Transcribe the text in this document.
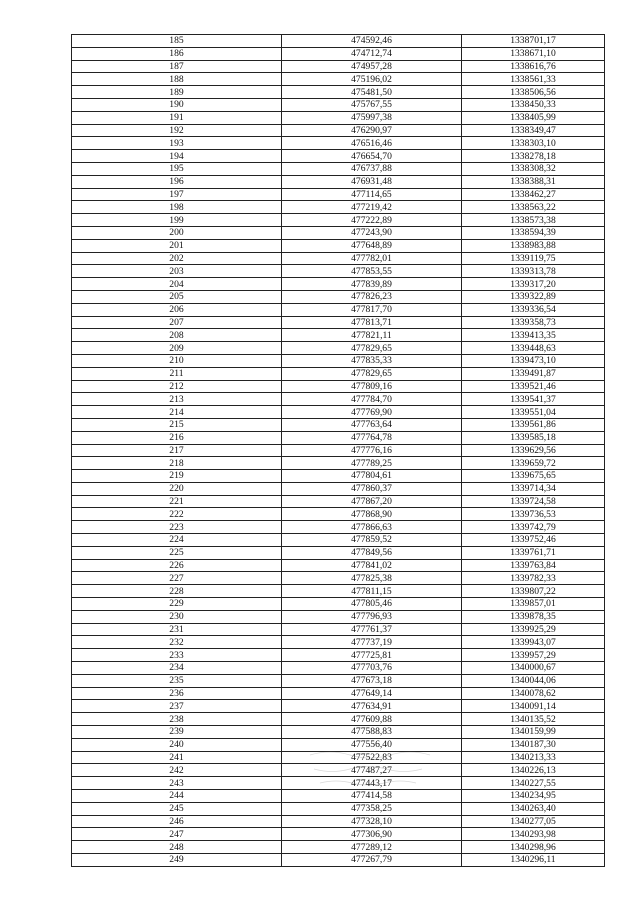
185	474592,46	1338701,17
186	474712,74	1338671,10
187	474957,28	1338616,76
188	475196,02	1338561,33
189	475481,50	1338506,56
190	475767,55	1338450,33
191	475997,38	1338405,99
192	476290,97	1338349,47
193	476516,46	1338303,10
194	476654,70	1338278,18
195	476737,88	1338308,32
196	476931,48	1338388,31
197	477114,65	1338462,27
198	477219,42	1338563,22
199	477222,89	1338573,38
200	477243,90	1338594,39
201	477648,89	1338983,88
202	477782,01	1339119,75
203	477853,55	1339313,78
204	477839,89	1339317,20
205	477826,23	1339322,89
206	477817,70	1339336,54
207	477813,71	1339358,73
208	477821,11	1339413,35
209	477829,65	1339448,63
210	477835,33	1339473,10
211	477829,65	1339491,87
212	477809,16	1339521,46
213	477784,70	1339541,37
214	477769,90	1339551,04
215	477763,64	1339561,86
216	477764,78	1339585,18
217	477776,16	1339629,56
218	477789,25	1339659,72
219	477804,61	1339675,65
220	477860,37	1339714,34
221	477867,20	1339724,58
222	477868,90	1339736,53
223	477866,63	1339742,79
224	477859,52	1339752,46
225	477849,56	1339761,71
226	477841,02	1339763,84
227	477825,38	1339782,33
228	477811,15	1339807,22
229	477805,46	1339857,01
230	477796,93	1339878,35
231	477761,37	1339925,29
232	477737,19	1339943,07
233	477725,81	1339957,29
234	477703,76	1340000,67
235	477673,18	1340044,06
236	477649,14	1340078,62
237	477634,91	1340091,14
238	477609,88	1340135,52
239	477588,83	1340159,99
240	477556,40	1340187,30
241	477522,83	1340213,33
242	477487,27	1340226,13
243	477443,17	1340227,55
244	477414,58	1340234,95
245	477358,25	1340263,40
246	477328,10	1340277,05
247	477306,90	1340293,98
248	477289,12	1340298,96
249	477267,79	1340296,11
